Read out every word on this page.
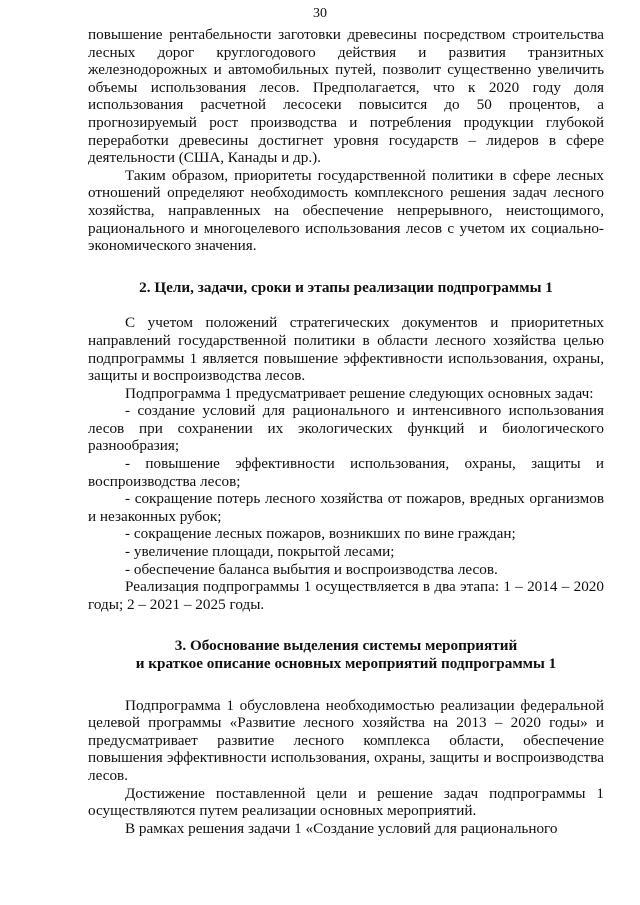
30

повышение рентабельности заготовки древесины посредством строительства лесных дорог круглогодового действия и развития транзитных железнодорожных и автомобильных путей, позволит существенно увеличить объемы использования лесов. Предполагается, что к 2020 году доля использования расчетной лесосеки повысится до 50 процентов, а прогнозируемый рост производства и потребления продукции глубокой переработки древесины достигнет уровня государств – лидеров в сфере деятельности (США, Канады и др.).

Таким образом, приоритеты государственной политики в сфере лесных отношений определяют необходимость комплексного решения задач лесного хозяйства, направленных на обеспечение непрерывного, неистощимого, рационального и многоцелевого использования лесов с учетом их социально-экономического значения.

2. Цели, задачи, сроки и этапы реализации подпрограммы 1

С учетом положений стратегических документов и приоритетных направлений государственной политики в области лесного хозяйства целью подпрограммы 1 является повышение эффективности использования, охраны, защиты и воспроизводства лесов.

Подпрограмма 1 предусматривает решение следующих основных задач:

- создание условий для рационального и интенсивного использования лесов при сохранении их экологических функций и биологического разнообразия;

- повышение эффективности использования, охраны, защиты и воспроизводства лесов;

- сокращение потерь лесного хозяйства от пожаров, вредных организмов и незаконных рубок;

- сокращение лесных пожаров, возникших по вине граждан;

- увеличение площади, покрытой лесами;

- обеспечение баланса выбытия и воспроизводства лесов.

Реализация подпрограммы 1 осуществляется в два этапа: 1 – 2014 – 2020 годы; 2 – 2021 – 2025 годы.

3. Обоснование выделения системы мероприятий
и краткое описание основных мероприятий подпрограммы 1

Подпрограмма 1 обусловлена необходимостью реализации федеральной целевой программы «Развитие лесного хозяйства на 2013 – 2020 годы» и предусматривает развитие лесного комплекса области, обеспечение повышения эффективности использования, охраны, защиты и воспроизводства лесов.

Достижение поставленной цели и решение задач подпрограммы 1 осуществляются путем реализации основных мероприятий.

В рамках решения задачи 1 «Создание условий для рационального
